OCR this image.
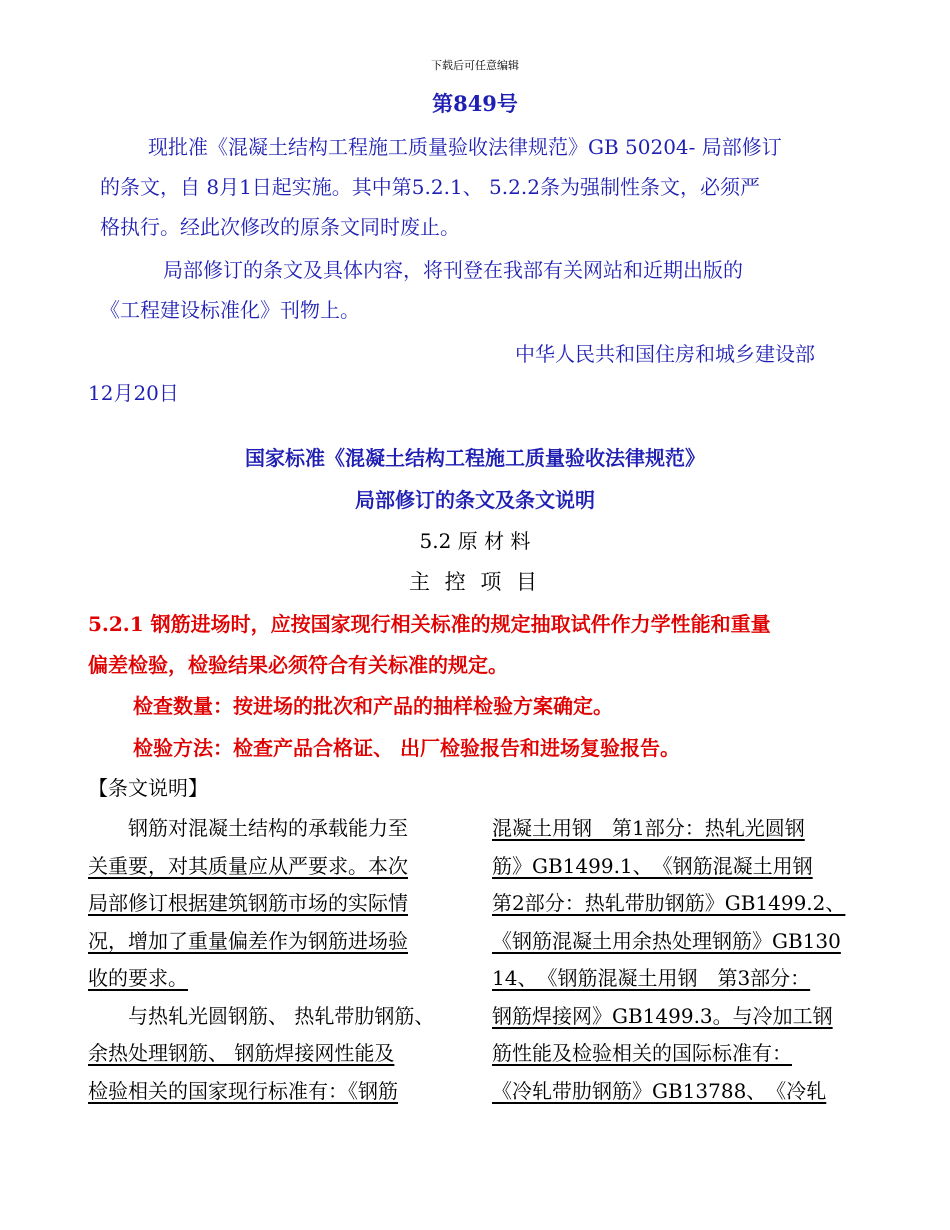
下载后可任意编辑
第849号
现批准《混凝土结构工程施工质量验收法律规范》GB 50204- 局部修订
的条文，自 8月1日起实施。其中第5.2.1、 5.2.2条为强制性条文，必须严
格执行。经此次修改的原条文同时废止。
局部修订的条文及具体内容，将刊登在我部有关网站和近期出版的
《工程建设标准化》刊物上。
中华人民共和国住房和城乡建设部
12月20日
国家标准《混凝土结构工程施工质量验收法律规范》
局部修订的条文及条文说明
5.2 原 材 料
主 控 项 目
5.2.1 钢筋进场时，应按国家现行相关标准的规定抽取试件作力学性能和重量
偏差检验，检验结果必须符合有关标准的规定。
检查数量：按进场的批次和产品的抽样检验方案确定。
检验方法：检查产品合格证、 出厂检验报告和进场复验报告。
【条文说明】
　　钢筋对混凝土结构的承载能力至
关重要，对其质量应从严要求。本次
局部修订根据建筑钢筋市场的实际情
况，增加了重量偏差作为钢筋进场验
收的要求。
　　与热轧光圆钢筋、 热轧带肋钢筋、
余热处理钢筋、 钢筋焊接网性能及
检验相关的国家现行标准有：《钢筋
混凝土用钢　第1部分：热轧光圆钢
筋》GB1499.1、　《钢筋混凝土用钢
第2部分：热轧带肋钢筋》GB1499.2、
《钢筋混凝土用余热处理钢筋》GB130
14、　《钢筋混凝土用钢　第3部分：
钢筋焊接网》GB1499.3。与冷加工钢
筋性能及检验相关的国际标准有：
《冷轧带肋钢筋》GB13788、　《冷轧
